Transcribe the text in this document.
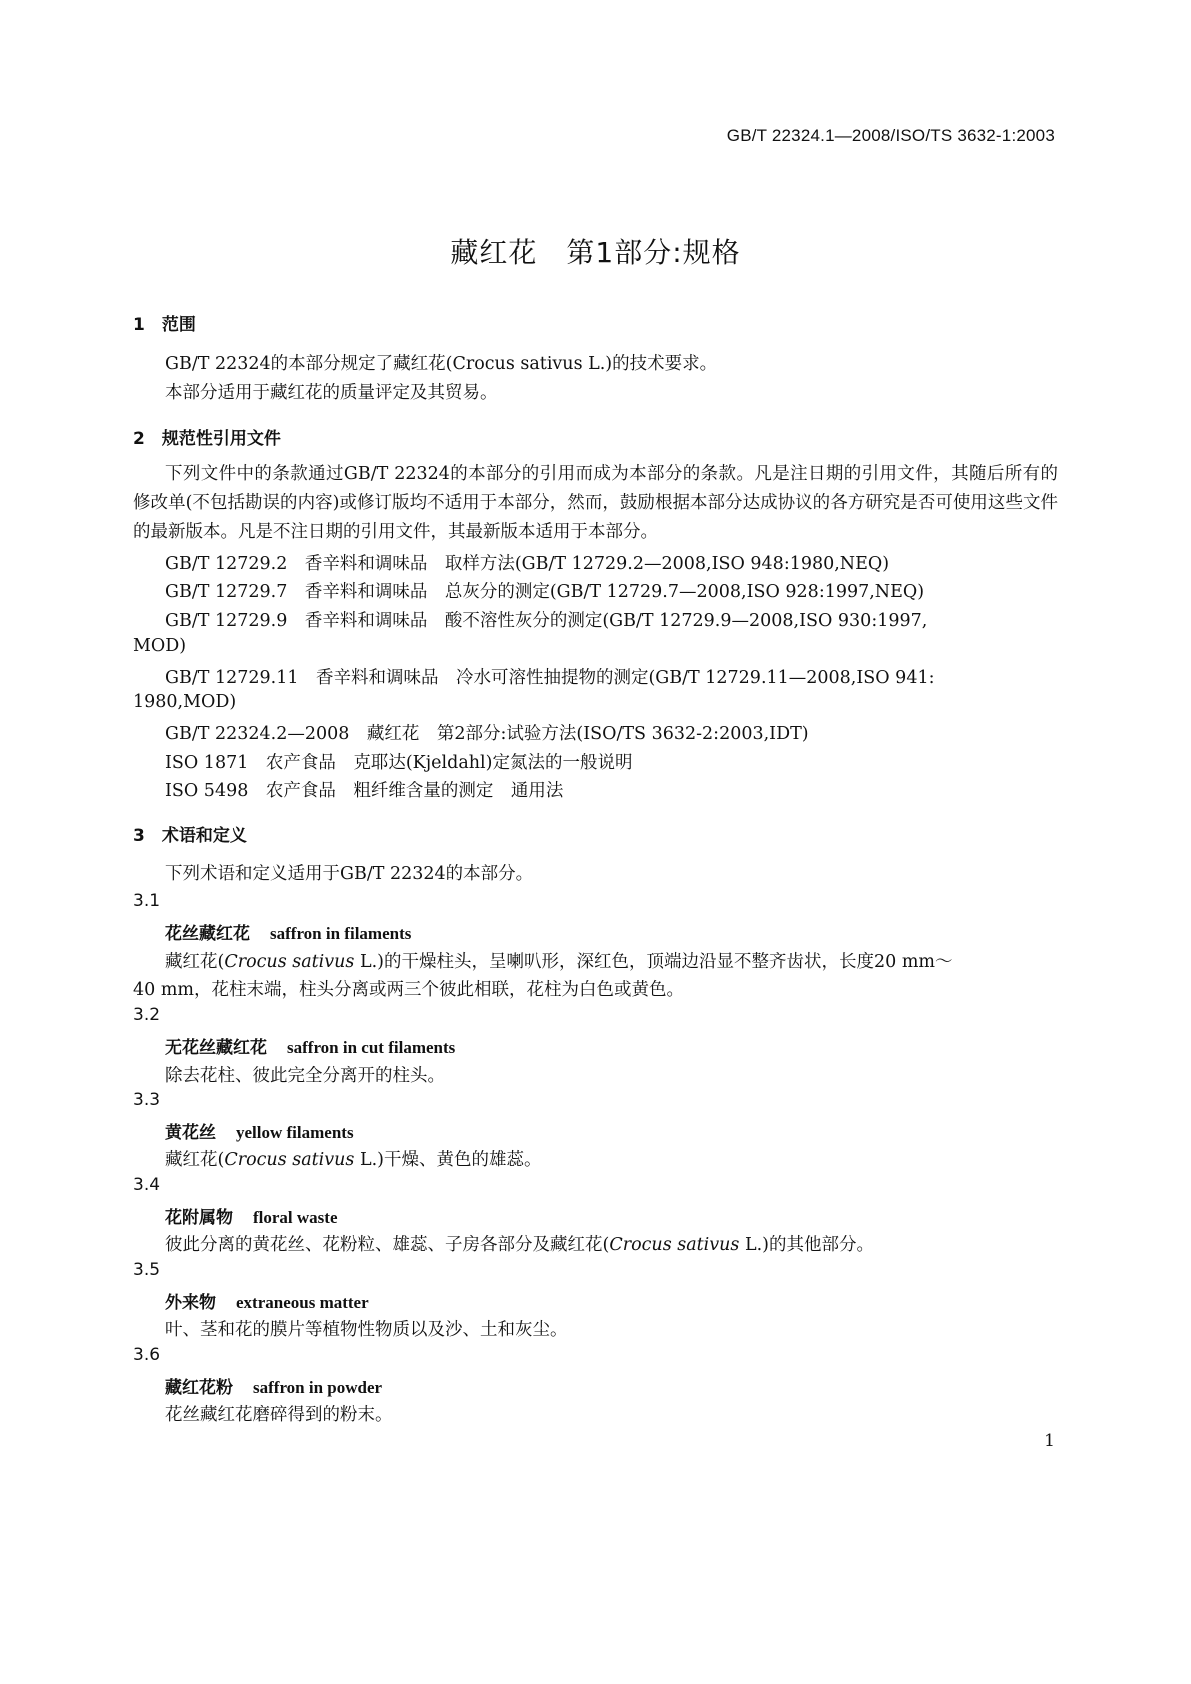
GB/T 22324.1—2008/ISO/TS 3632-1:2003
藏红花　第1部分:规格
1　范围
GB/T 22324的本部分规定了藏红花(Crocus sativus L.)的技术要求。
本部分适用于藏红花的质量评定及其贸易。
2　规范性引用文件
下列文件中的条款通过GB/T 22324的本部分的引用而成为本部分的条款。凡是注日期的引用文件，其随后所有的修改单(不包括勘误的内容)或修订版均不适用于本部分，然而，鼓励根据本部分达成协议的各方研究是否可使用这些文件的最新版本。凡是不注日期的引用文件，其最新版本适用于本部分。
GB/T 12729.2　香辛料和调味品　取样方法(GB/T 12729.2—2008,ISO 948:1980,NEQ)
GB/T 12729.7　香辛料和调味品　总灰分的测定(GB/T 12729.7—2008,ISO 928:1997,NEQ)
GB/T 12729.9　香辛料和调味品　酸不溶性灰分的测定(GB/T 12729.9—2008,ISO 930:1997,
MOD)
GB/T 12729.11　香辛料和调味品　冷水可溶性抽提物的测定(GB/T 12729.11—2008,ISO 941:
1980,MOD)
GB/T 22324.2—2008　藏红花　第2部分:试验方法(ISO/TS 3632-2:2003,IDT)
ISO 1871　农产食品　克耶达(Kjeldahl)定氮法的一般说明
ISO 5498　农产食品　粗纤维含量的测定　通用法
3　术语和定义
下列术语和定义适用于GB/T 22324的本部分。
3.1
花丝藏红花 saffron in filaments
藏红花(Crocus sativus L.)的干燥柱头，呈喇叭形，深红色，顶端边沿显不整齐齿状，长度20 mm～
40 mm，花柱末端，柱头分离或两三个彼此相联，花柱为白色或黄色。
3.2
无花丝藏红花 saffron in cut filaments
除去花柱、彼此完全分离开的柱头。
3.3
黄花丝 yellow filaments
藏红花(Crocus sativus L.)干燥、黄色的雄蕊。
3.4
花附属物 floral waste
彼此分离的黄花丝、花粉粒、雄蕊、子房各部分及藏红花(Crocus sativus L.)的其他部分。
3.5
外来物 extraneous matter
叶、茎和花的膜片等植物性物质以及沙、土和灰尘。
3.6
藏红花粉 saffron in powder
花丝藏红花磨碎得到的粉末。
1
